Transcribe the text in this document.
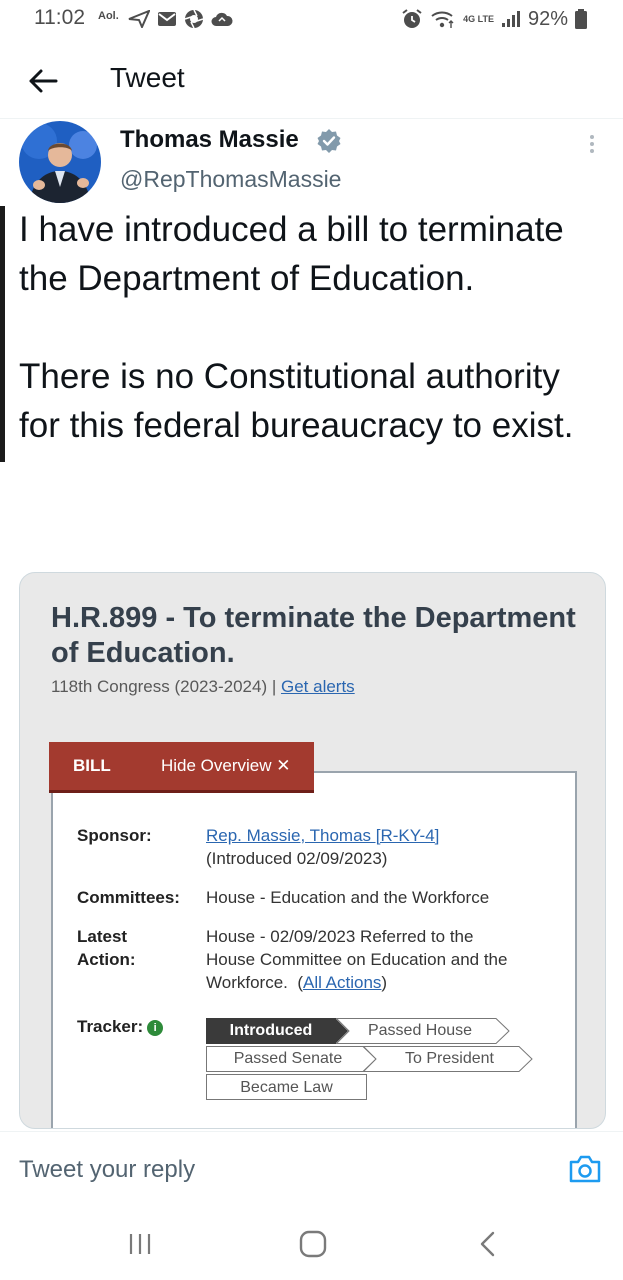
11:02 Aol.	4G LTE 92%
Tweet
Thomas Massie
@RepThomasMassie

I have introduced a bill to terminate the Department of Education.

There is no Constitutional authority for this federal bureaucracy to exist.

H.R.899 - To terminate the Department of Education.
118th Congress (2023-2024) | Get alerts
BILL	Hide Overview ✕
Sponsor:	Rep. Massie, Thomas [R-KY-4]
(Introduced 02/09/2023)
Committees: House - Education and the Workforce
Latest
Action:
House - 02/09/2023 Referred to the House Committee on Education and the Workforce.  (All Actions)
Tracker: i	Introduced	Passed House
Passed Senate	To President
Became Law
Tweet your reply
